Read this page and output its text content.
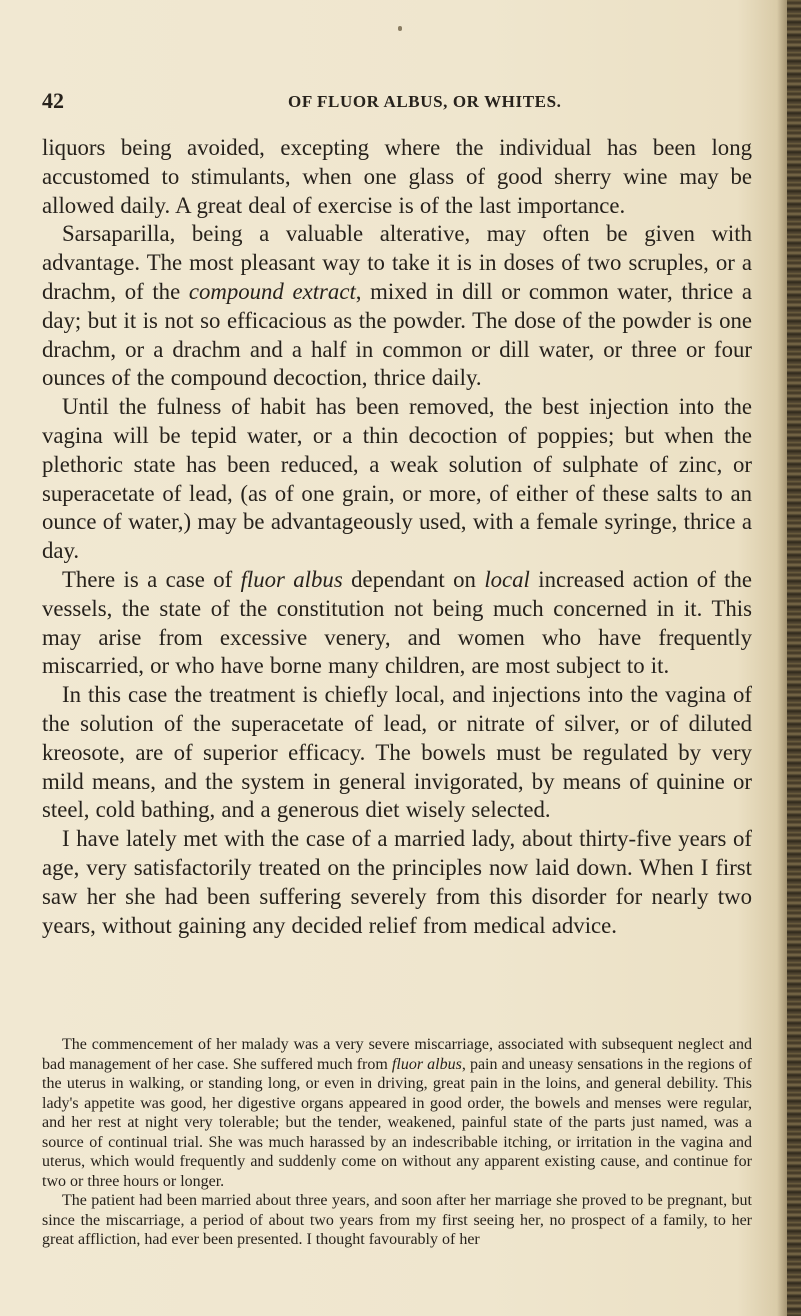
42	OF FLUOR ALBUS, OR WHITES.

liquors being avoided, excepting where the individual has been long accustomed to stimulants, when one glass of good sherry wine may be allowed daily. A great deal of exercise is of the last importance.

Sarsaparilla, being a valuable alterative, may often be given with advantage. The most pleasant way to take it is in doses of two scruples, or a drachm, of the compound extract, mixed in dill or common water, thrice a day; but it is not so efficacious as the powder. The dose of the powder is one drachm, or a drachm and a half in common or dill water, or three or four ounces of the compound decoction, thrice daily.

Until the fulness of habit has been removed, the best injection into the vagina will be tepid water, or a thin decoction of poppies; but when the plethoric state has been reduced, a weak solution of sulphate of zinc, or superacetate of lead, (as of one grain, or more, of either of these salts to an ounce of water,) may be advantageously used, with a female syringe, thrice a day.

There is a case of fluor albus dependant on local increased action of the vessels, the state of the constitution not being much concerned in it. This may arise from excessive venery, and women who have frequently miscarried, or who have borne many children, are most subject to it.

In this case the treatment is chiefly local, and injections into the vagina of the solution of the superacetate of lead, or nitrate of silver, or of diluted kreosote, are of superior efficacy. The bowels must be regulated by very mild means, and the system in general invigorated, by means of quinine or steel, cold bathing, and a generous diet wisely selected.

I have lately met with the case of a married lady, about thirty-five years of age, very satisfactorily treated on the principles now laid down. When I first saw her she had been suffering severely from this disorder for nearly two years, without gaining any decided relief from medical advice.

The commencement of her malady was a very severe miscarriage, associated with subsequent neglect and bad management of her case. She suffered much from fluor albus, pain and uneasy sensations in the regions of the uterus in walking, or standing long, or even in driving, great pain in the loins, and general debility. This lady's appetite was good, her digestive organs appeared in good order, the bowels and menses were regular, and her rest at night very tolerable; but the tender, weakened, painful state of the parts just named, was a source of continual trial. She was much harassed by an indescribable itching, or irritation in the vagina and uterus, which would frequently and suddenly come on without any apparent existing cause, and continue for two or three hours or longer.

The patient had been married about three years, and soon after her marriage she proved to be pregnant, but since the miscarriage, a period of about two years from my first seeing her, no prospect of a family, to her great affliction, had ever been presented. I thought favourably of her
